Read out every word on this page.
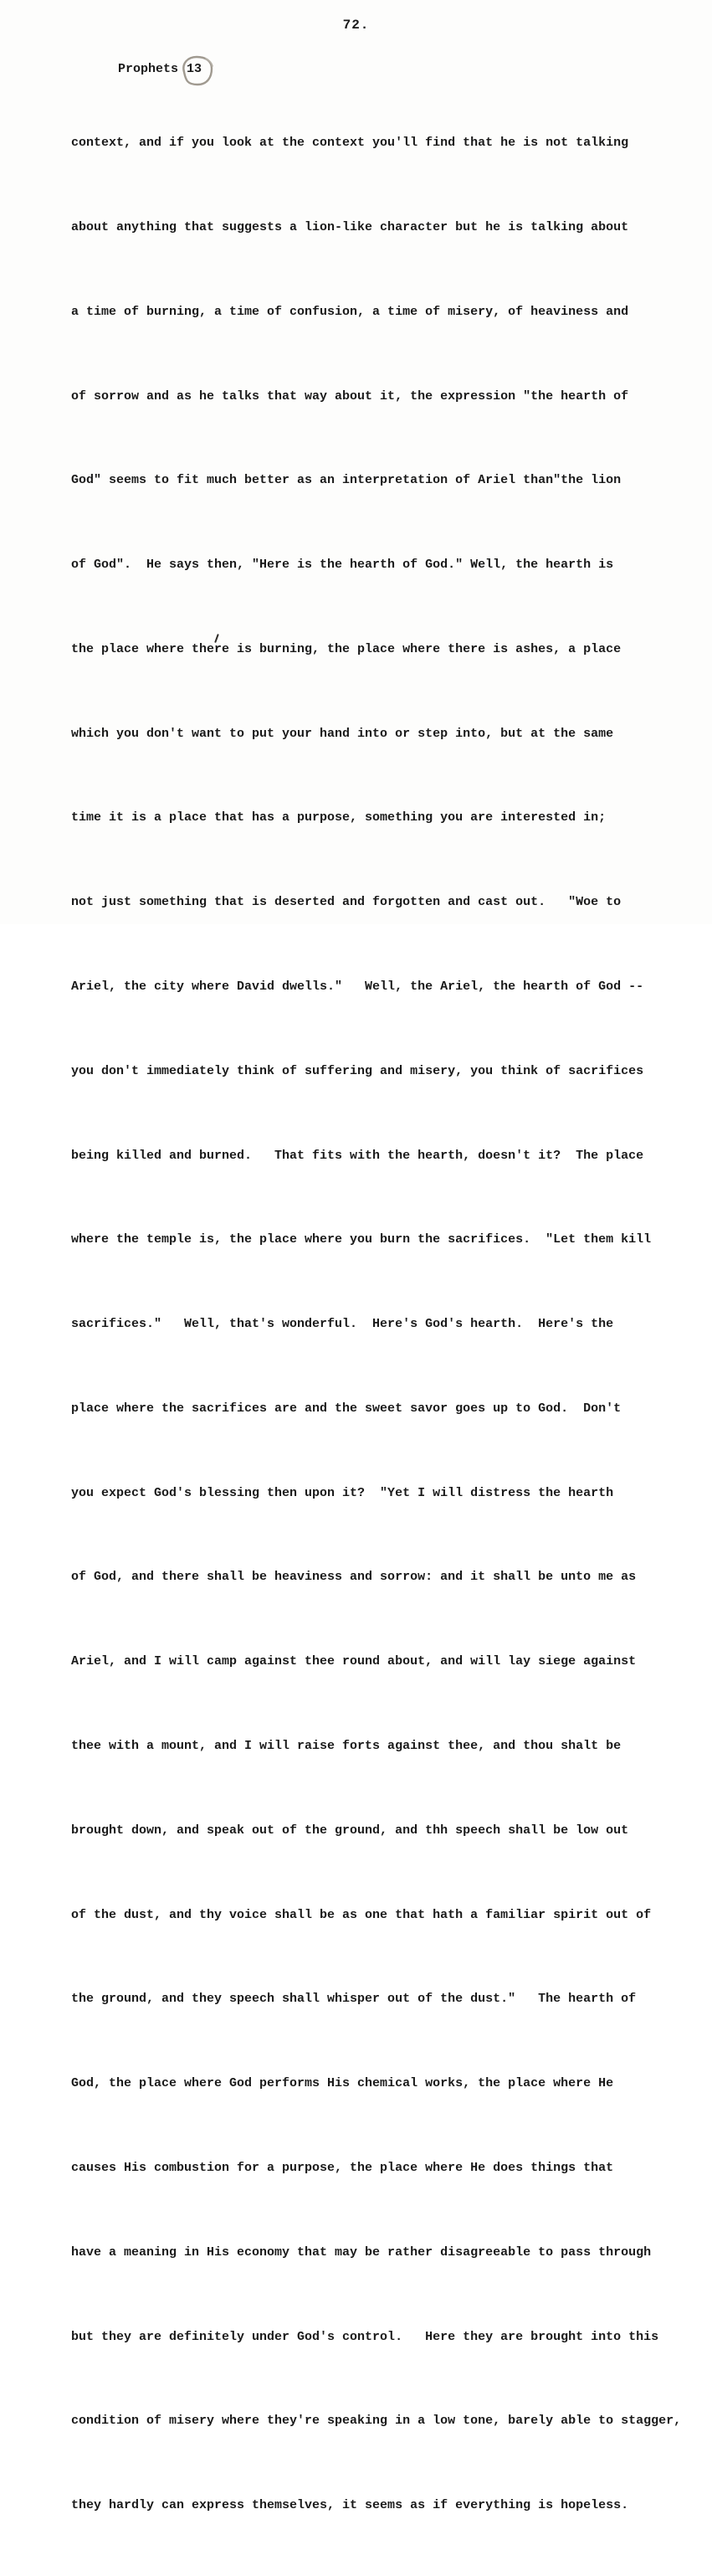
72.

Prophets 13

context, and if you look at the context you'll find that he is not talking

about anything that suggests a lion-like character but he is talking about

a time of burning, a time of confusion, a time of misery, of heaviness and

of sorrow and as he talks that way about it, the expression "the hearth of

God" seems to fit much better as an interpretation of Ariel than"the lion

of God".  He says then, "Here is the hearth of God." Well, the hearth is

the place where there is burning, the place where there is ashes, a place

which you don't want to put your hand into or step into, but at the same

time it is a place that has a purpose, something you are interested in;

not just something that is deserted and forgotten and cast out.   "Woe to

Ariel, the city where David dwells."   Well, the Ariel, the hearth of God --

you don't immediately think of suffering and misery, you think of sacrifices

being killed and burned.   That fits with the hearth, doesn't it?  The place

where the temple is, the place where you burn the sacrifices.  "Let them kill

sacrifices."   Well, that's wonderful.  Here's God's hearth.  Here's the

place where the sacrifices are and the sweet savor goes up to God.  Don't

you expect God's blessing then upon it?  "Yet I will distress the hearth

of God, and there shall be heaviness and sorrow: and it shall be unto me as

Ariel, and I will camp against thee round about, and will lay siege against

thee with a mount, and I will raise forts against thee, and thou shalt be

brought down, and speak out of the ground, and thh speech shall be low out

of the dust, and thy voice shall be as one that hath a familiar spirit out of

the ground, and they speech shall whisper out of the dust."   The hearth of

God, the place where God performs His chemical works, the place where He

causes His combustion for a purpose, the place where He does things that

have a meaning in His economy that may be rather disagreeable to pass through

but they are definitely under God's control.   Here they are brought into this

condition of misery where they're speaking in a low tone, barely able to stagger,

they hardly can express themselves, it seems as if everything is hopeless.
